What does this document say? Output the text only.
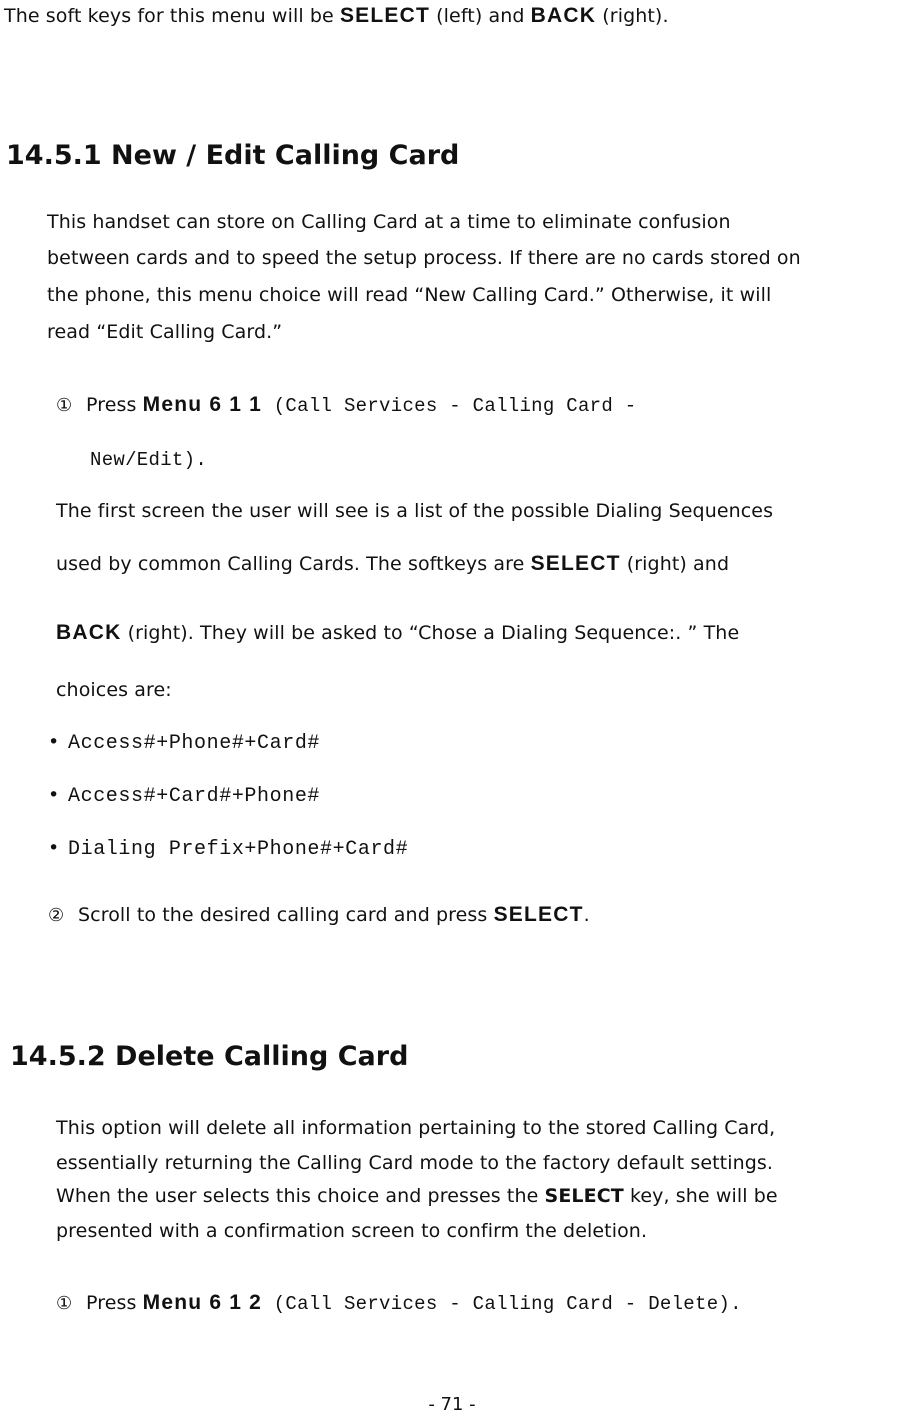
The soft keys for this menu will be SELECT (left) and BACK (right).
14.5.1 New / Edit Calling Card
This handset can store on Calling Card at a time to eliminate confusion
between cards and to speed the setup process. If there are no cards stored on
the phone, this menu choice will read “New Calling Card.” Otherwise, it will
read “Edit Calling Card.”
① Press Menu 6 1 1 (Call Services - Calling Card -
New/Edit).
The first screen the user will see is a list of the possible Dialing Sequences
used by common Calling Cards. The softkeys are SELECT (right) and
BACK (right). They will be asked to “Chose a Dialing Sequence:. ” The
choices are:
• Access#+Phone#+Card#
• Access#+Card#+Phone#
• Dialing Prefix+Phone#+Card#
② Scroll to the desired calling card and press SELECT.
14.5.2 Delete Calling Card
This option will delete all information pertaining to the stored Calling Card,
essentially returning the Calling Card mode to the factory default settings.
When the user selects this choice and presses the SELECT key, she will be
presented with a confirmation screen to confirm the deletion.
① Press Menu 6 1 2 (Call Services - Calling Card - Delete).
- 71 -
